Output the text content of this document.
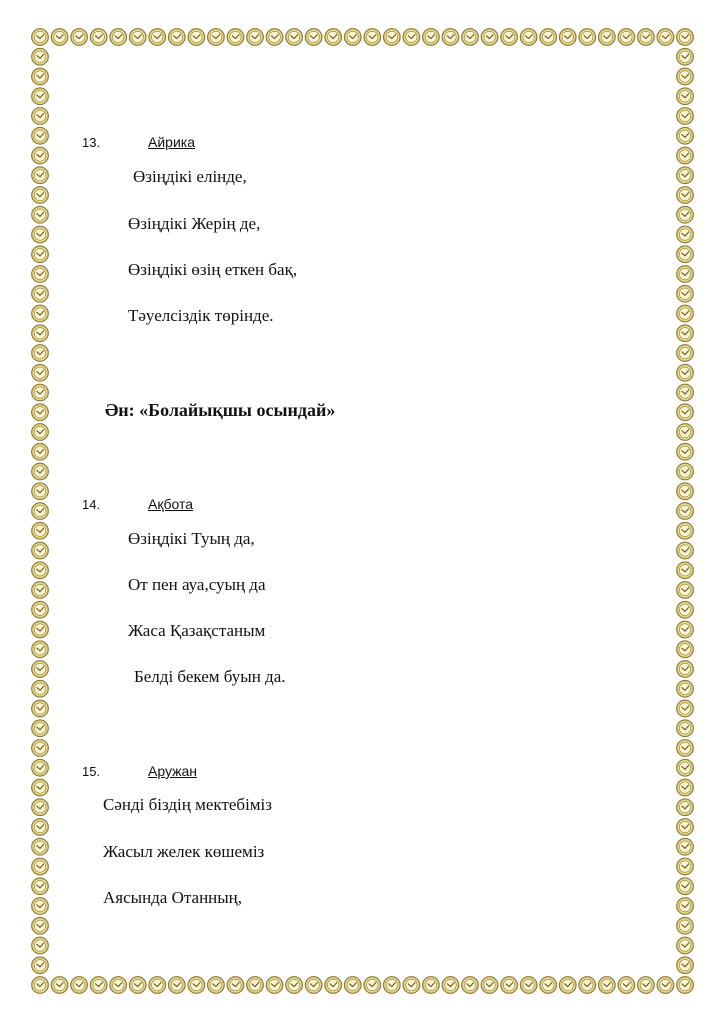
13.	Айрика
Өзіңдікі елінде,
Өзіңдікі Жерің де,
Өзіңдікі өзің еткен бақ,
Тәуелсіздік төрінде.
Ән: «Болайықшы осындай»
14.	Ақбота
Өзіңдікі Туың да,
От пен ауа,суың да
Жаса Қазақстаным
Белді бекем буын да.
15.	Аружан
Сәнді біздің мектебіміз
Жасыл желек көшеміз
Аясында Отанның,
